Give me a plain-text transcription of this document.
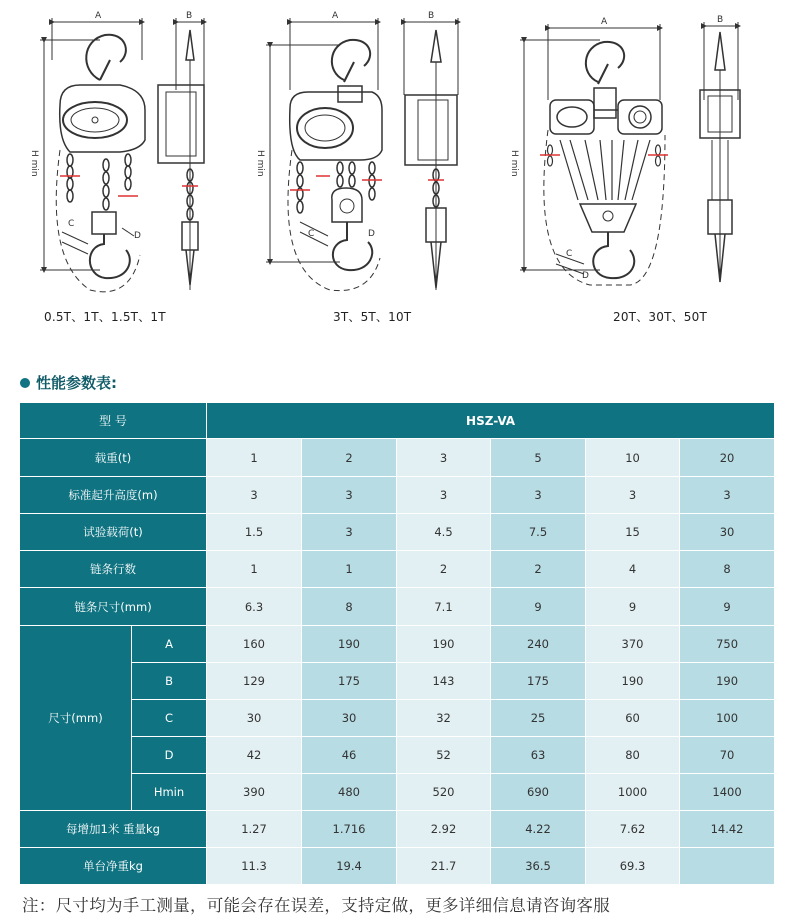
A	B
H min
C
D
A	B
H min
C	D
A	B
H min
C
D
0.5T、1T、1.5T、1T	3T、5T、10T	20T、30T、50T
性能参数表:
型 号		HSZ-VA					
载重(t)		1	2	3	5	10	20
标准起升高度(m)		3	3	3	3	3	3
试验载荷(t)		1.5	3	4.5	7.5	15	30
链条行数		1	1	2	2	4	8
链条尺寸(mm)		6.3	8	7.1	9	9	9
尺寸(mm)	A	160	190	190	240	370	750
	B	129	175	143	175	190	190
	C	30	30	32	25	60	100
	D	42	46	52	63	80	70
	Hmin	390	480	520	690	1000	1400
每增加1米 重量kg		1.27	1.716	2.92	4.22	7.62	14.42
单台净重kg		11.3	19.4	21.7	36.5	69.3	
注：尺寸均为手工测量，可能会存在误差，支持定做，更多详细信息请咨询客服
